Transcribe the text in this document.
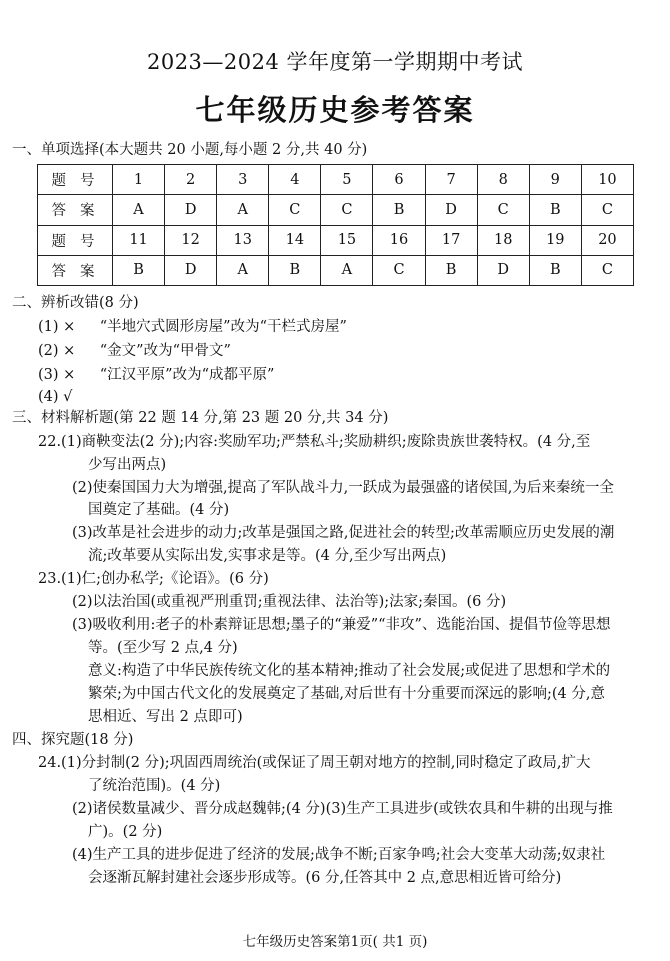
2023—2024 学年度第一学期期中考试
七年级历史参考答案
一、单项选择(本大题共 20 小题,每小题 2 分,共 40 分)
题号	1	2	3	4	5	6	7	8	9	10
答案	A	D	A	C	C	B	D	C	B	C
题号	11	12	13	14	15	16	17	18	19	20
答案	B	D	A	B	A	C	B	D	B	C
二、辨析改错(8 分)
(1) × “半地穴式圆形房屋”改为“干栏式房屋”
(2) × “金文”改为“甲骨文”
(3) × “江汉平原”改为“成都平原”
(4) √
三、材料解析题(第 22 题 14 分,第 23 题 20 分,共 34 分)
22.(1)商鞅变法(2 分);内容:奖励军功;严禁私斗;奖励耕织;废除贵族世袭特权。(4 分,至
少写出两点)
(2)使秦国国力大为增强,提高了军队战斗力,一跃成为最强盛的诸侯国,为后来秦统一全
国奠定了基础。(4 分)
(3)改革是社会进步的动力;改革是强国之路,促进社会的转型;改革需顺应历史发展的潮
流;改革要从实际出发,实事求是等。(4 分,至少写出两点)
23.(1)仁;创办私学;《论语》。(6 分)
(2)以法治国(或重视严刑重罚;重视法律、法治等);法家;秦国。(6 分)
(3)吸收利用:老子的朴素辩证思想;墨子的“兼爱”“非攻”、选能治国、提倡节俭等思想
等。(至少写 2 点,4 分)
意义:构造了中华民族传统文化的基本精神;推动了社会发展;或促进了思想和学术的
繁荣;为中国古代文化的发展奠定了基础,对后世有十分重要而深远的影响;(4 分,意
思相近、写出 2 点即可)
四、探究题(18 分)
24.(1)分封制(2 分);巩固西周统治(或保证了周王朝对地方的控制,同时稳定了政局,扩大
了统治范围)。(4 分)
(2)诸侯数量减少、晋分成赵魏韩;(4 分)(3)生产工具进步(或铁农具和牛耕的出现与推
广)。(2 分)
(4)生产工具的进步促进了经济的发展;战争不断;百家争鸣;社会大变革大动荡;奴隶社
会逐渐瓦解封建社会逐步形成等。(6 分,任答其中 2 点,意思相近皆可给分)
七年级历史答案第1页( 共1 页)
